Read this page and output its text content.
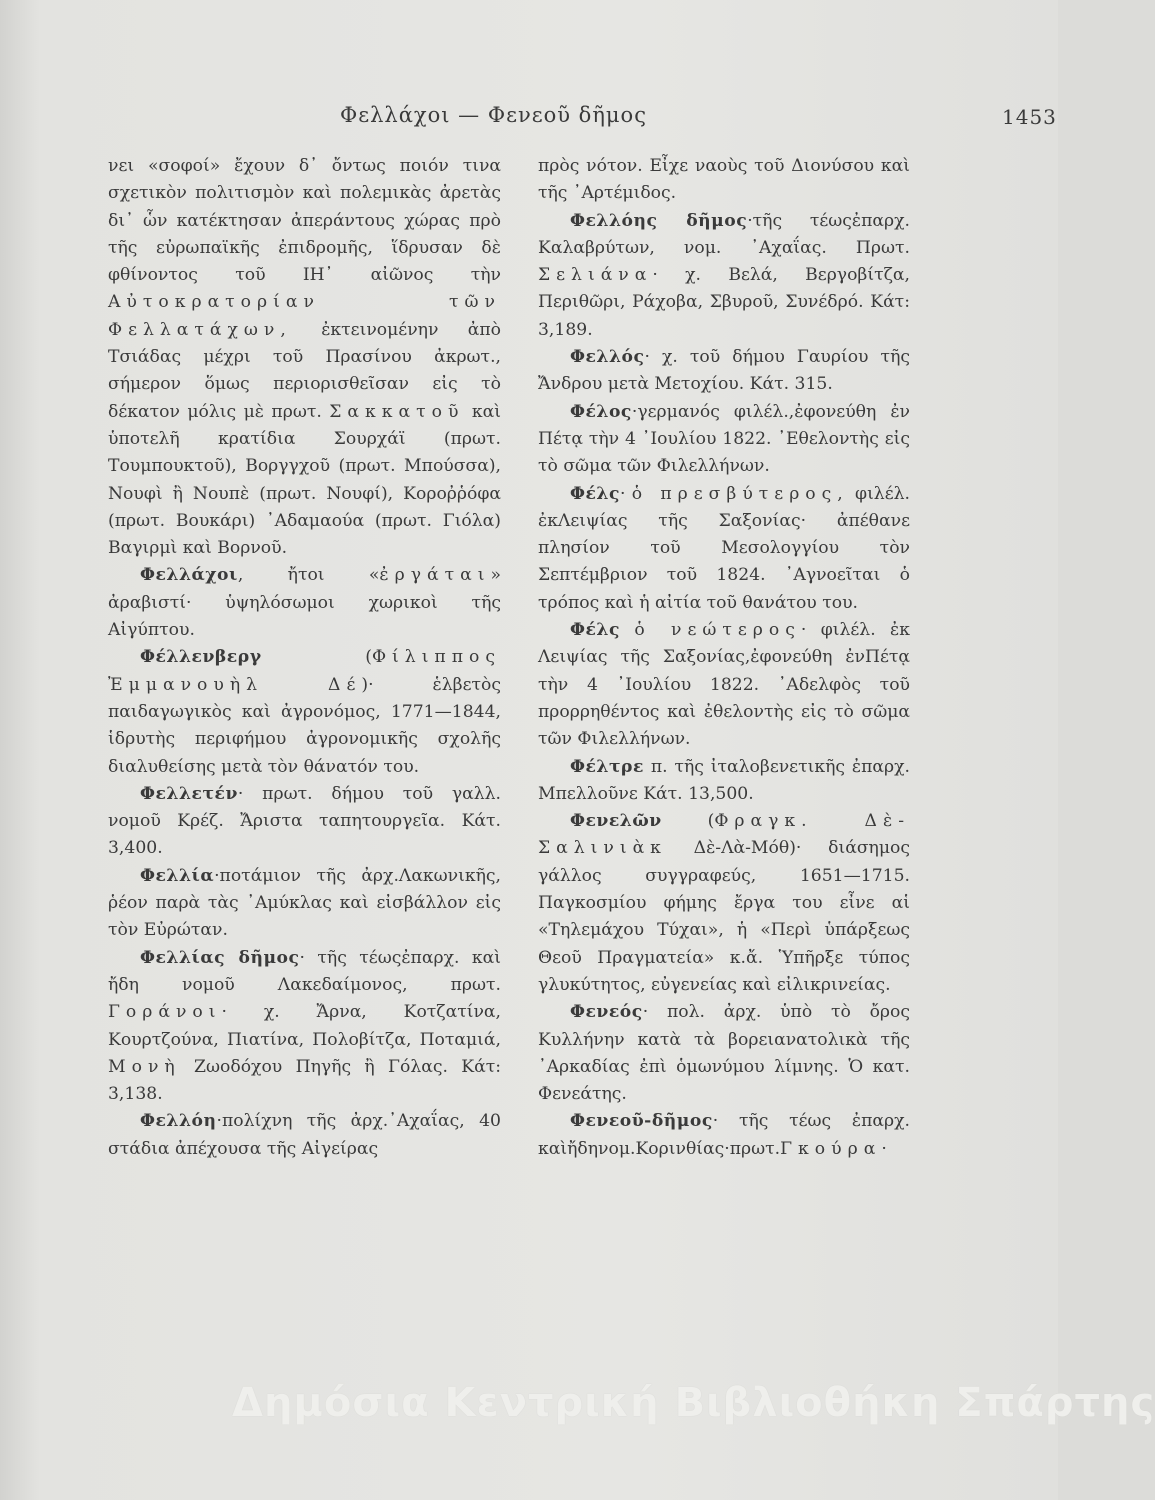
Φελλάχοι — Φενεοῦ δῆμος	1453

νει «σοφοί» ἔχουν δ᾽ ὄντως ποιόν τινα σχετικὸν πολιτισμὸν καὶ πολεμικὰς ἀρετὰς δι᾽ ὧν κατέκτησαν ἀπεράντους χώρας πρὸ τῆς εὐρωπαϊκῆς ἐπιδρομῆς, ἵδρυσαν δὲ φθίνοντος τοῦ ΙΗ᾽ αἰῶνος τὴν Αὐτοκρατορίαν τῶν Φελλατάχων, ἐκτεινομένην ἀπὸ Τσιάδας μέχρι τοῦ Πρασίνου ἀκρωτ., σήμερον ὅμως περιορισθεῖσαν εἰς τὸ δέκατον μόλις μὲ πρωτ. Σακκατοῦ καὶ ὑποτελῆ κρατίδια Σουρχάϊ (πρωτ. Τουμπουκτοῦ), Βοργγχοῦ (πρωτ. Μπούσσα), Νουφὶ ἢ Νουπὲ (πρωτ. Νουφί), Κοροῤῥόφα (πρωτ. Βουκάρι) ᾽Αδαμαούα (πρωτ. Γιόλα) Βαγιρμὶ καὶ Βορνοῦ.

Φελλάχοι, ἤτοι «ἐργάται» ἀραβιστί· ὑψηλόσωμοι χωρικοὶ τῆς Αἰγύπτου.

Φέλλενβεργ (Φίλιππος Ἐμμανουὴλ Δέ)· ἑλβετὸς παιδαγωγικὸς καὶ ἀγρονόμος, 1771—1844, ἱδρυτὴς περιφήμου ἀγρονομικῆς σχολῆς διαλυθείσης μετὰ τὸν θάνατόν του.

Φελλετέν· πρωτ. δήμου τοῦ γαλλ. νομοῦ Κρέζ. Ἄριστα ταπητουργεῖα. Κάτ. 3,400.

Φελλία·ποτάμιον τῆς ἀρχ.Λακωνικῆς, ῥέον παρὰ τὰς ᾽Αμύκλας καὶ εἰσβάλλον εἰς τὸν Εὐρώταν.

Φελλίας δῆμος· τῆς τέωςἐπαρχ. καὶ ἤδη νομοῦ Λακεδαίμονος, πρωτ. Γοράνοι· χ. Ἄρνα, Κοτζατίνα, Κουρτζούνα, Πιατίνα, Πολοβίτζα, Ποταμιά, Μονὴ Ζωοδόχου Πηγῆς ἢ Γόλας. Κάτ: 3,138.

Φελλόη·πολίχνη τῆς ἀρχ.᾽Αχαΐας, 40 στάδια ἀπέχουσα τῆς Αἰγείρας

πρὸς νότον. Εἶχε ναοὺς τοῦ Διονύσου καὶ τῆς ᾽Αρτέμιδος.

Φελλόης δῆμος·τῆς τέωςἐπαρχ. Καλαβρύτων, νομ. ᾽Αχαΐας. Πρωτ. Σελιάνα· χ. Βελά, Βεργοβίτζα, Περιθῶρι, Ράχοβα, Σβυροῦ, Συνέδρό. Κάτ: 3,189.

Φελλός· χ. τοῦ δήμου Γαυρίου τῆς Ἄνδρου μετὰ Μετοχίου. Κάτ. 315.

Φέλος·γερμανός φιλέλ.,ἐφονεύθη ἐν Πέτᾳ τὴν 4 ᾽Ιουλίου 1822. ᾽Εθελοντὴς εἰς τὸ σῶμα τῶν Φιλελλήνων.

Φέλς· ὁ πρεσβύτερος, φιλέλ. ἐκΛειψίας τῆς Σαξονίας· ἀπέθανε πλησίον τοῦ Μεσολογγίου τὸν Σεπτέμβριον τοῦ 1824. ᾽Αγνοεῖται ὁ τρόπος καὶ ἡ αἰτία τοῦ θανάτου του.

Φέλς ὁ νεώτερος· φιλέλ. ἐκ Λειψίας τῆς Σαξονίας,ἐφονεύθη ἐνΠέτᾳ τὴν 4 ᾽Ιουλίου 1822. ᾽Αδελφὸς τοῦ προρρηθέντος καὶ ἐθελοντὴς εἰς τὸ σῶμα τῶν Φιλελλήνων.

Φέλτρε π. τῆς ἰταλοβενετικῆς ἐπαρχ. Μπελλοῦνε Κάτ. 13,500.

Φενελῶν (Φραγκ. Δὲ-Σαλινιὰκ Δὲ-Λὰ-Μόθ)· διάσημος γάλλος συγγραφεύς, 1651—1715. Παγκοσμίου φήμης ἔργα του εἶνε αἱ «Τηλεμάχου Τύχαι», ἡ «Περὶ ὑπάρξεως Θεοῦ Πραγματεία» κ.ἄ. Ὑπῆρξε τύπος γλυκύτητος, εὐγενείας καὶ εἰλικρινείας.

Φενεός· πολ. ἀρχ. ὑπὸ τὸ ὄρος Κυλλήνην κατὰ τὰ βορειανατολικὰ τῆς ᾽Αρκαδίας ἐπὶ ὁμωνύμου λίμνης. Ὁ κατ. Φενεάτης.

Φενεοῦ-δῆμος· τῆς τέως ἐπαρχ. καὶἤδηνομ.Κορινθίας·πρωτ.Γκούρα·

Δημόσια Κεντρική Βιβλιοθήκη Σπάρτης
